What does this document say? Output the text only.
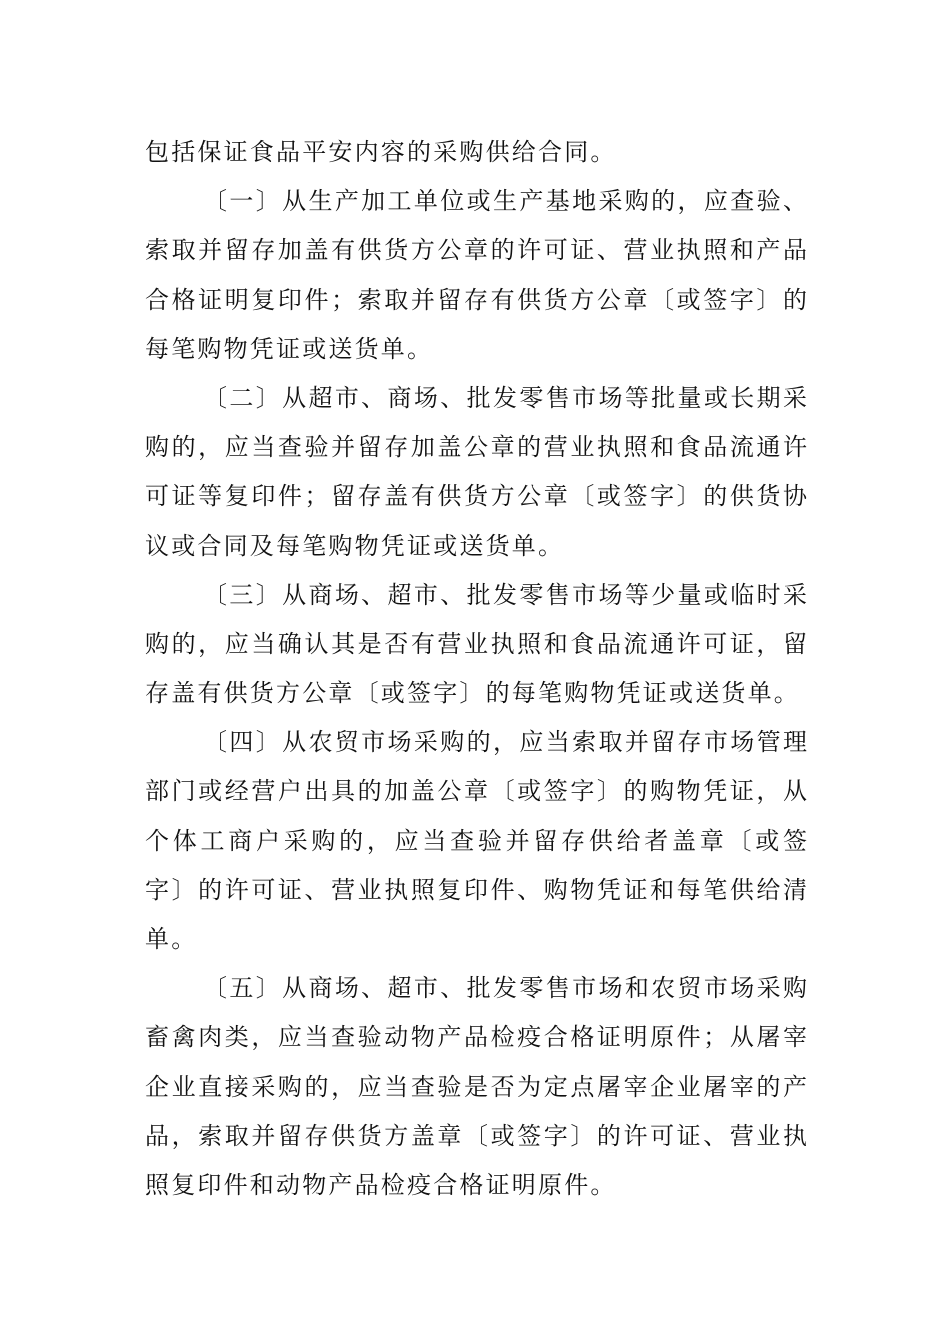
包括保证食品平安内容的采购供给合同。
〔一〕从生产加工单位或生产基地采购的，应查验、
索取并留存加盖有供货方公章的许可证、营业执照和产品
合格证明复印件；索取并留存有供货方公章〔或签字〕的
每笔购物凭证或送货单。
〔二〕从超市、商场、批发零售市场等批量或长期采
购的，应当查验并留存加盖公章的营业执照和食品流通许
可证等复印件；留存盖有供货方公章〔或签字〕的供货协
议或合同及每笔购物凭证或送货单。
〔三〕从商场、超市、批发零售市场等少量或临时采
购的，应当确认其是否有营业执照和食品流通许可证，留
存盖有供货方公章〔或签字〕的每笔购物凭证或送货单。
〔四〕从农贸市场采购的，应当索取并留存市场管理
部门或经营户出具的加盖公章〔或签字〕的购物凭证，从
个体工商户采购的，应当查验并留存供给者盖章〔或签
字〕的许可证、营业执照复印件、购物凭证和每笔供给清
单。
〔五〕从商场、超市、批发零售市场和农贸市场采购
畜禽肉类，应当查验动物产品检疫合格证明原件；从屠宰
企业直接采购的，应当查验是否为定点屠宰企业屠宰的产
品，索取并留存供货方盖章〔或签字〕的许可证、营业执
照复印件和动物产品检疫合格证明原件。
